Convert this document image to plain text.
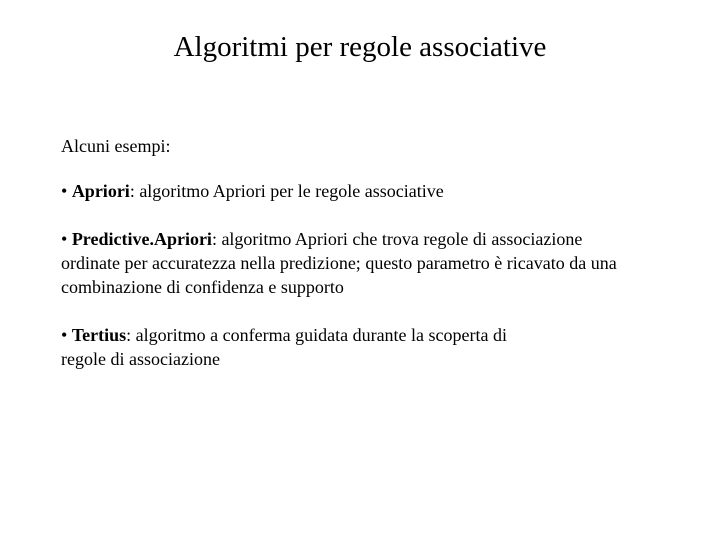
Algoritmi per regole associative

Alcuni esempi:

• Apriori: algoritmo Apriori per le regole associative

• Predictive.Apriori: algoritmo Apriori che trova regole di associazione
ordinate per accuratezza nella predizione; questo parametro è ricavato da una
combinazione di confidenza e supporto

• Tertius: algoritmo a conferma guidata durante la scoperta di
regole di associazione
